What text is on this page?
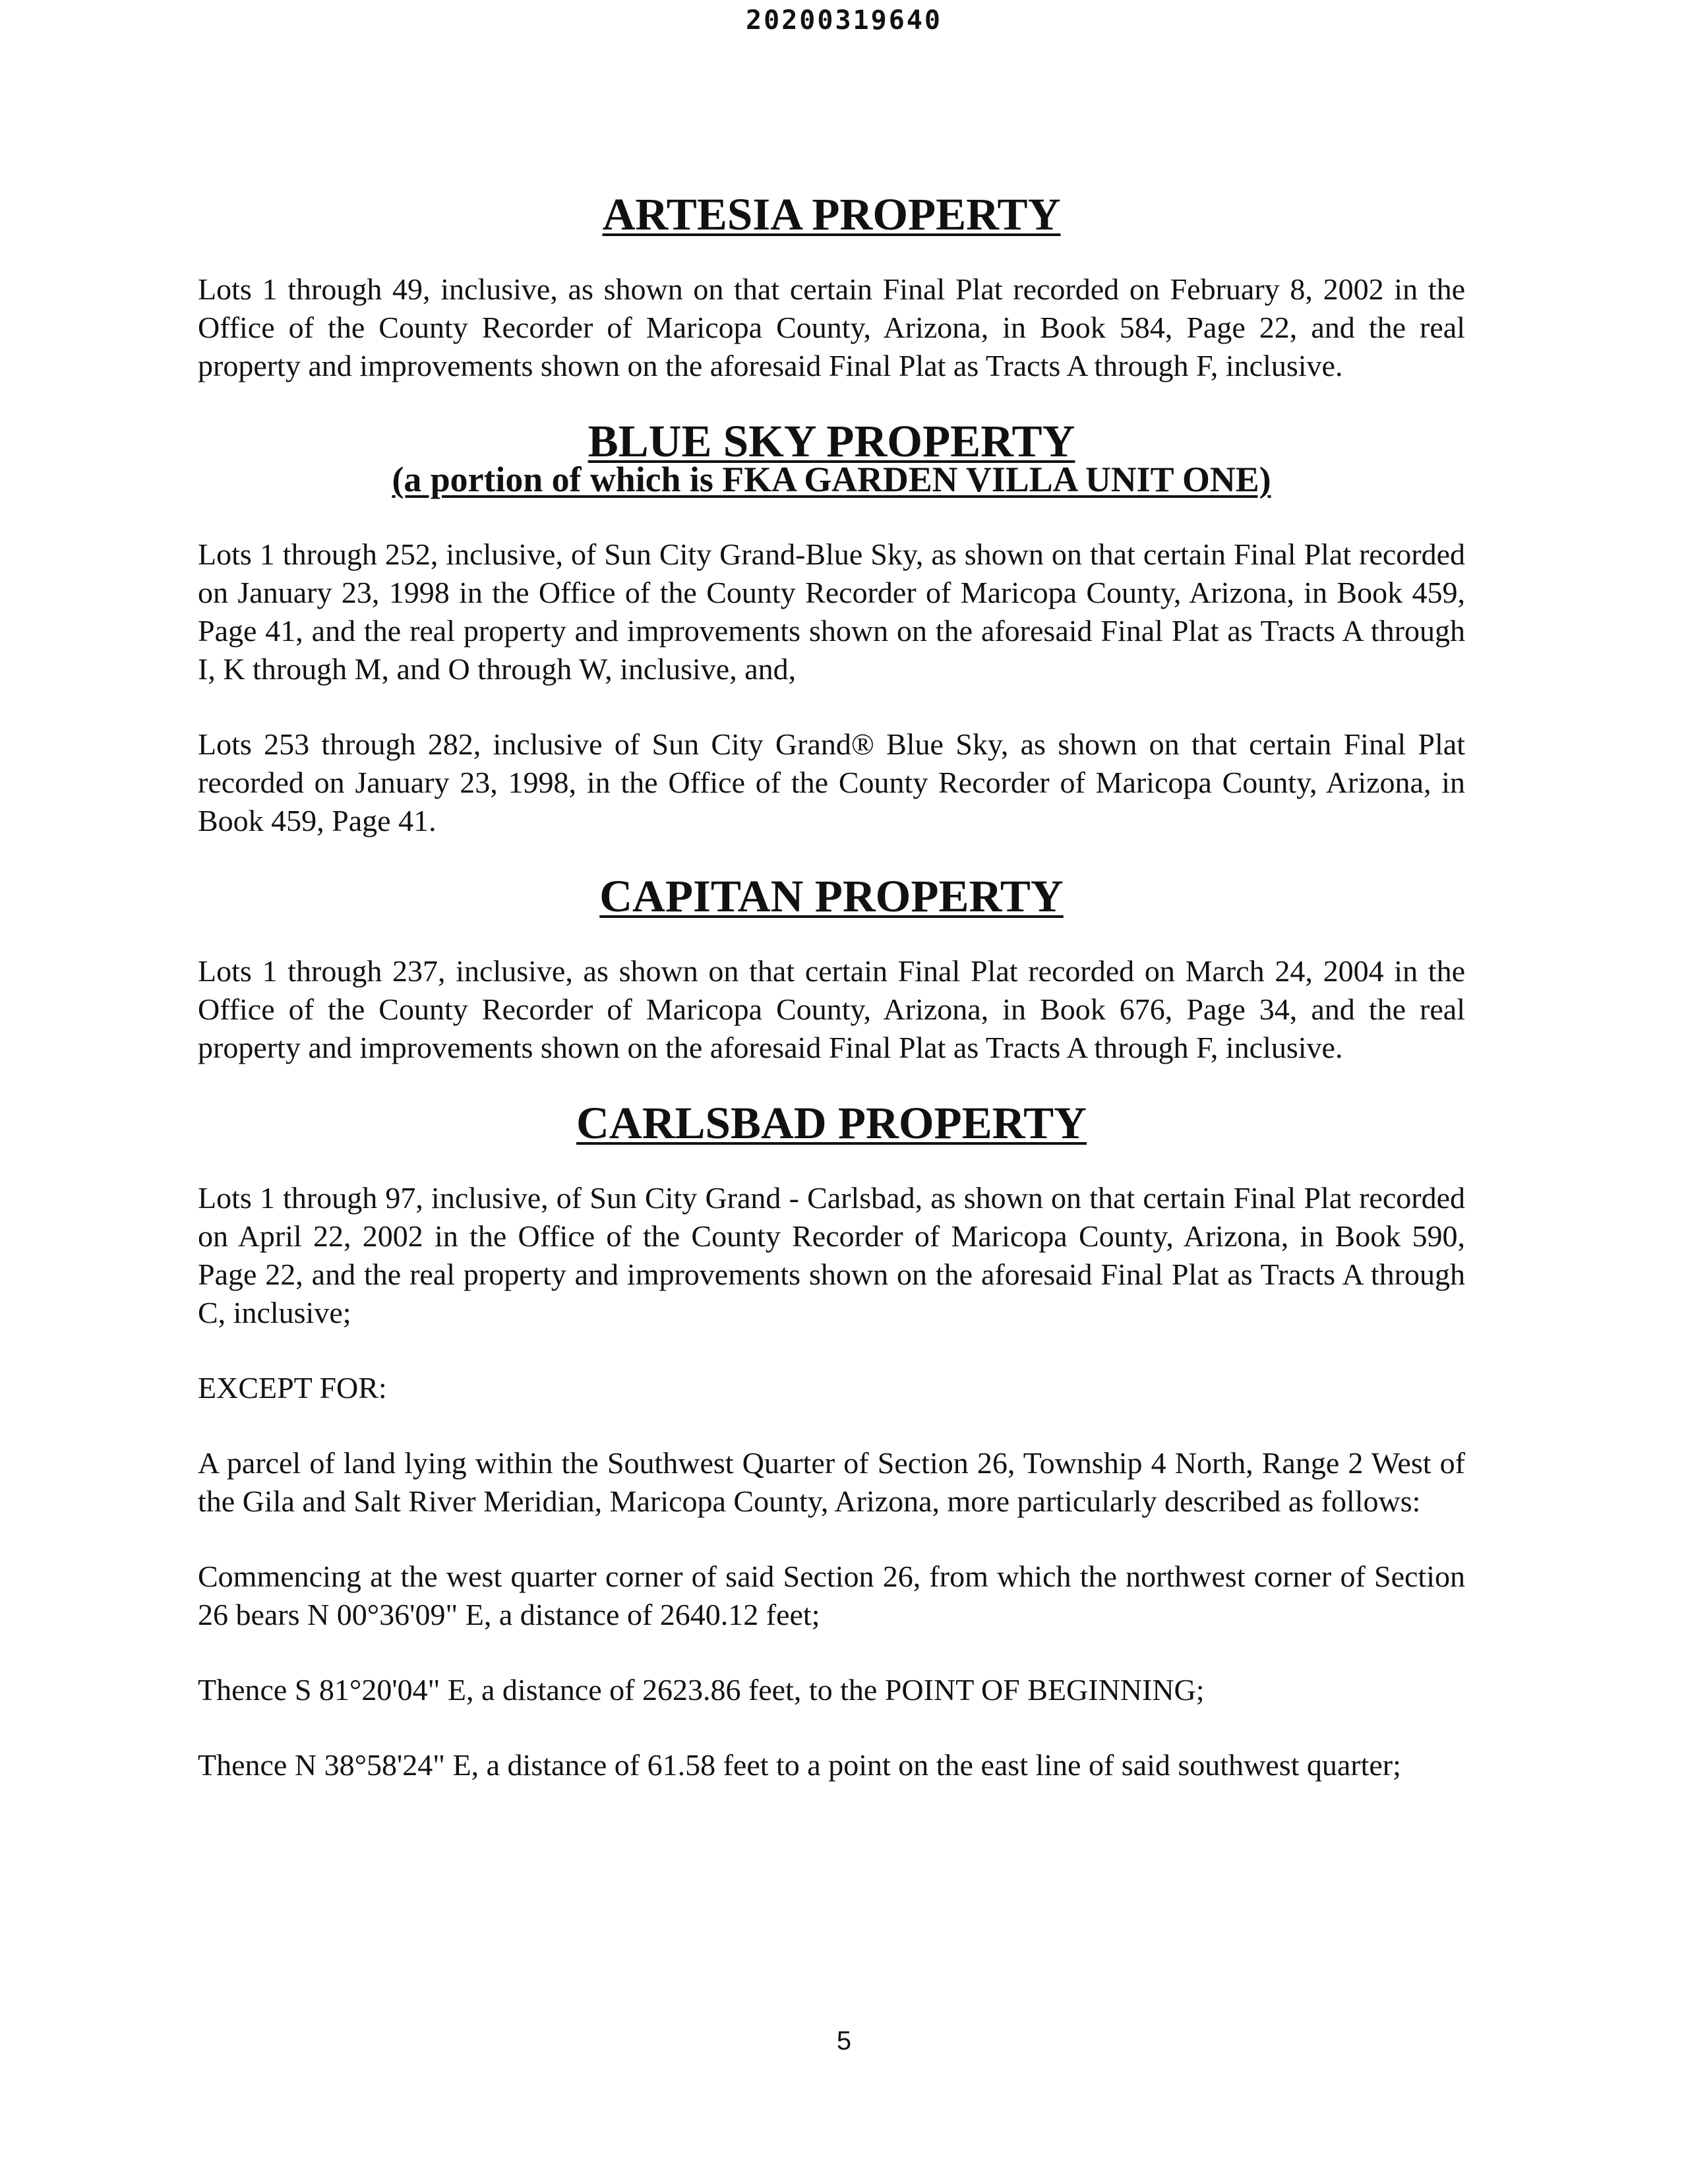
20200319640
ARTESIA PROPERTY

Lots 1 through 49, inclusive, as shown on that certain Final Plat recorded on February 8, 2002 in the Office of the County Recorder of Maricopa County, Arizona, in Book 584, Page 22, and the real property and improvements shown on the aforesaid Final Plat as Tracts A through F, inclusive.

BLUE SKY PROPERTY
(a portion of which is FKA GARDEN VILLA UNIT ONE)

Lots 1 through 252, inclusive, of Sun City Grand-Blue Sky, as shown on that certain Final Plat recorded on January 23, 1998 in the Office of the County Recorder of Maricopa County, Arizona, in Book 459, Page 41, and the real property and improvements shown on the aforesaid Final Plat as Tracts A through I, K through M, and O through W, inclusive, and,

Lots 253 through 282, inclusive of Sun City Grand® Blue Sky, as shown on that certain Final Plat recorded on January 23, 1998, in the Office of the County Recorder of Maricopa County, Arizona, in Book 459, Page 41.

CAPITAN PROPERTY

Lots 1 through 237, inclusive, as shown on that certain Final Plat recorded on March 24, 2004 in the Office of the County Recorder of Maricopa County, Arizona, in Book 676, Page 34, and the real property and improvements shown on the aforesaid Final Plat as Tracts A through F, inclusive.

CARLSBAD PROPERTY

Lots 1 through 97, inclusive, of Sun City Grand - Carlsbad, as shown on that certain Final Plat recorded on April 22, 2002 in the Office of the County Recorder of Maricopa County, Arizona, in Book 590, Page 22, and the real property and improvements shown on the aforesaid Final Plat as Tracts A through C, inclusive;

EXCEPT FOR:

A parcel of land lying within the Southwest Quarter of Section 26, Township 4 North, Range 2 West of the Gila and Salt River Meridian, Maricopa County, Arizona, more particularly described as follows:

Commencing at the west quarter corner of said Section 26, from which the northwest corner of Section 26 bears N 00°36'09" E, a distance of 2640.12 feet;

Thence S 81°20'04" E, a distance of 2623.86 feet, to the POINT OF BEGINNING;

Thence N 38°58'24" E, a distance of 61.58 feet to a point on the east line of said southwest quarter;

5
